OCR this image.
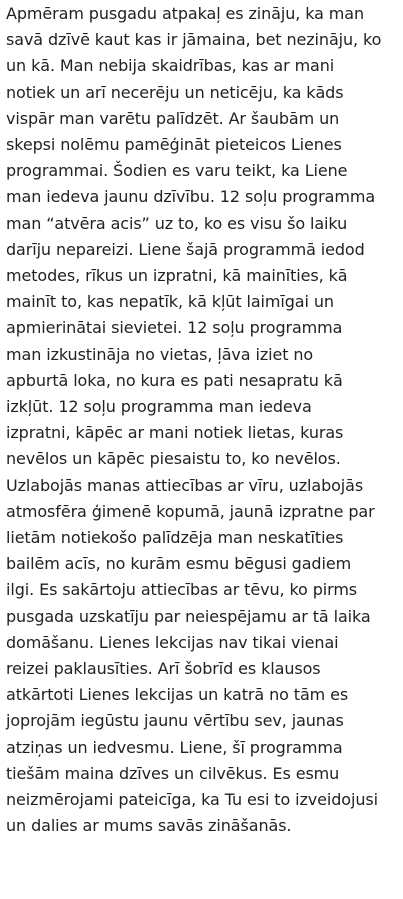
Apmēram pusgadu atpakaļ es zināju, ka man
savā dzīvē kaut kas ir jāmaina, bet nezināju, ko
un kā. Man nebija skaidrības, kas ar mani
notiek un arī necerēju un neticēju, ka kāds
vispār man varētu palīdzēt. Ar šaubām un
skepsi nolēmu pamēģināt pieteicos Lienes
programmai. Šodien es varu teikt, ka Liene
man iedeva jaunu dzīvību. 12 soļu programma
man “atvēra acis” uz to, ko es visu šo laiku
darīju nepareizi. Liene šajā programmā iedod
metodes, rīkus un izpratni, kā mainīties, kā
mainīt to, kas nepatīk, kā kļūt laimīgai un
apmierinātai sievietei. 12 soļu programma
man izkustināja no vietas, ļāva iziet no
apburtā loka, no kura es pati nesapratu kā
izkļūt. 12 soļu programma man iedeva
izpratni, kāpēc ar mani notiek lietas, kuras
nevēlos un kāpēc piesaistu to, ko nevēlos.
Uzlabojās manas attiecības ar vīru, uzlabojās
atmosfēra ģimenē kopumā, jaunā izpratne par
lietām notiekošo palīdzēja man neskatīties
bailēm acīs, no kurām esmu bēgusi gadiem
ilgi. Es sakārtoju attiecības ar tēvu, ko pirms
pusgada uzskatīju par neiespējamu ar tā laika
domāšanu. Lienes lekcijas nav tikai vienai
reizei paklausīties. Arī šobrīd es klausos
atkārtoti Lienes lekcijas un katrā no tām es
joprojām iegūstu jaunu vērtību sev, jaunas
atziņas un iedvesmu. Liene, šī programma
tiešām maina dzīves un cilvēkus. Es esmu
neizmērojami pateicīga, ka Tu esi to izveidojusi
un dalies ar mums savās zināšanās.
